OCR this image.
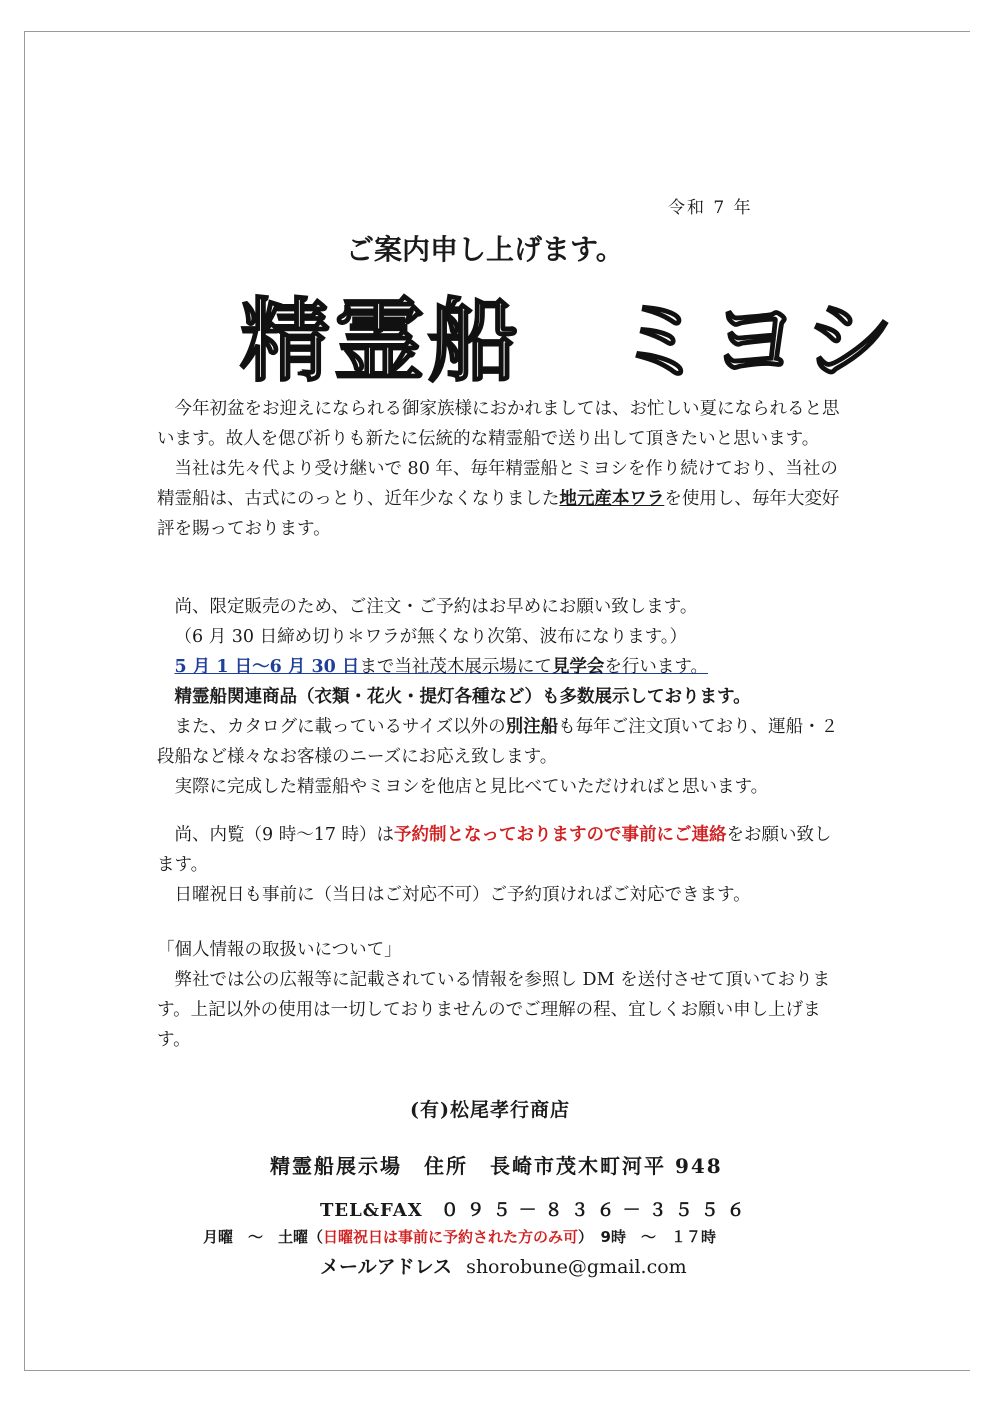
令和 7 年
ご案内申し上げます。
精霊船　ミヨシ

今年初盆をお迎えになられる御家族様におかれましては、お忙しい夏になられると思います。故人を偲び祈りも新たに伝統的な精霊船で送り出して頂きたいと思います。

当社は先々代より受け継いで 80 年、毎年精霊船とミヨシを作り続けており、当社の精霊船は、古式にのっとり、近年少なくなりました地元産本ワラを使用し、毎年大変好評を賜っております。

尚、限定販売のため、ご注文・ご予約はお早めにお願い致します。

（6 月 30 日締め切り＊ワラが無くなり次第、波布になります。）

5 月 1 日～6 月 30 日まで当社茂木展示場にて見学会を行います。

精霊船関連商品（衣類・花火・提灯各種など）も多数展示しております。

また、カタログに載っているサイズ以外の別注船も毎年ご注文頂いており、運船・２段船など様々なお客様のニーズにお応え致します。

実際に完成した精霊船やミヨシを他店と見比べていただければと思います。

尚、内覧（9 時～17 時）は予約制となっておりますので事前にご連絡をお願い致します。

日曜祝日も事前に（当日はご対応不可）ご予約頂ければご対応できます。

「個人情報の取扱いについて」

弊社では公の広報等に記載されている情報を参照し DM を送付させて頂いております。上記以外の使用は一切しておりませんのでご理解の程、宜しくお願い申し上げます。

(有)松尾孝行商店
精霊船展示場　住所　長崎市茂木町河平 948
TEL&FAX ０９５－８３６－３５５６
月曜　～　土曜（日曜祝日は事前に予約された方のみ可）　9時　～　１７時
メールアドレス shorobune@gmail.com
